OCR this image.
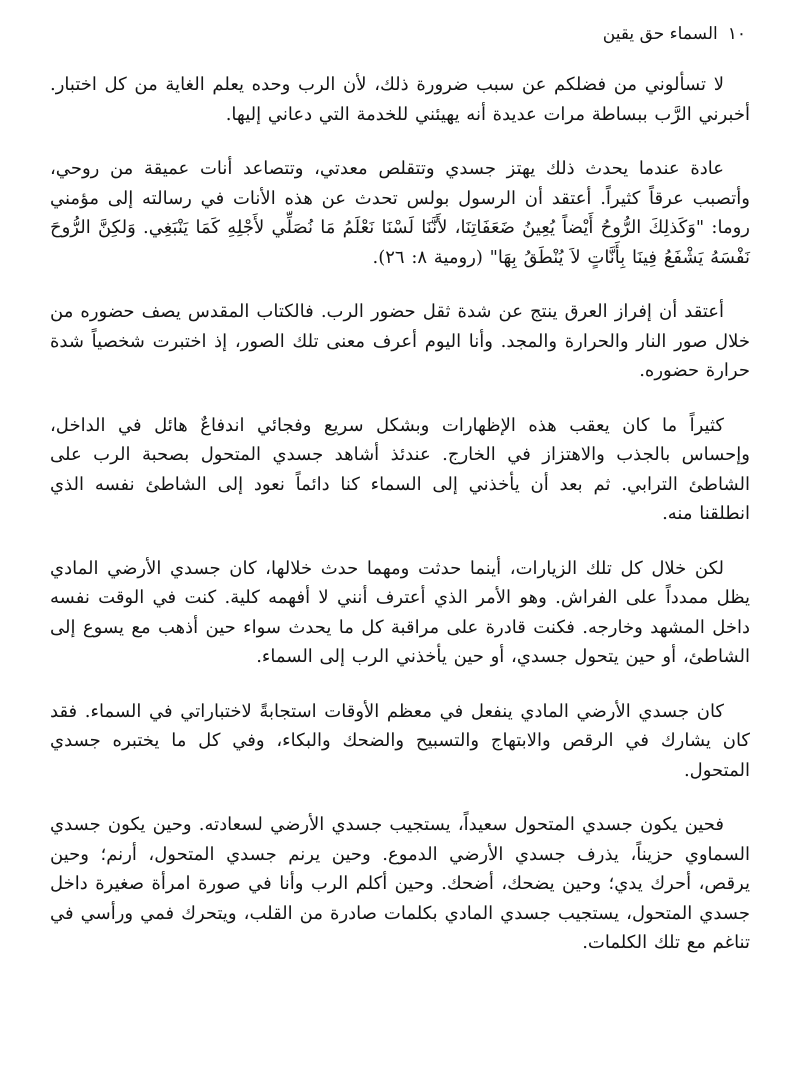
١٠
السماء حق يقين

لا تسألوني من فضلكم عن سبب ضرورة ذلك، لأن الرب وحده يعلم الغاية من كل اختبار. أخبرني الرَّب ببساطة مرات عديدة أنه يهيئني للخدمة التي دعاني إليها.

عادة عندما يحدث ذلك يهتز جسدي وتتقلص معدتي، وتتصاعد أنات عميقة من روحي، وأتصبب عرقاً كثيراً. أعتقد أن الرسول بولس تحدث عن هذه الأنات في رسالته إلى مؤمني روما: "وَكَذلِكَ الرُّوحُ أَيْضاً يُعِينُ ضَعَفَاتِنَا، لأَنَّنَا لَسْنَا نَعْلَمُ مَا نُصَلِّي لأَجْلِهِ كَمَا يَنْبَغِي. وَلكِنَّ الرُّوحَ نَفْسَهُ يَشْفَعُ فِينَا بِأَنَّاتٍ لاَ يُنْطَقُ بِهَا" (رومية ٨: ٢٦).

أعتقد أن إفراز العرق ينتج عن شدة ثقل حضور الرب. فالكتاب المقدس يصف حضوره من خلال صور النار والحرارة والمجد. وأنا اليوم أعرف معنى تلك الصور، إذ اختبرت شخصياً شدة حرارة حضوره.

كثيراً ما كان يعقب هذه الإظهارات وبشكل سريع وفجائي اندفاعٌ هائل في الداخل، وإحساس بالجذب والاهتزاز في الخارج. عندئذ أشاهد جسدي المتحول بصحبة الرب على الشاطئ الترابي. ثم بعد أن يأخذني إلى السماء كنا دائماً نعود إلى الشاطئ نفسه الذي انطلقنا منه.

لكن خلال كل تلك الزيارات، أينما حدثت ومهما حدث خلالها، كان جسدي الأرضي المادي يظل ممدداً على الفراش. وهو الأمر الذي أعترف أنني لا أفهمه كلية. كنت في الوقت نفسه داخل المشهد وخارجه. فكنت قادرة على مراقبة كل ما يحدث سواء حين أذهب مع يسوع إلى الشاطئ، أو حين يتحول جسدي، أو حين يأخذني الرب إلى السماء.

كان جسدي الأرضي المادي ينفعل في معظم الأوقات استجابةً لاختباراتي في السماء. فقد كان يشارك في الرقص والابتهاج والتسبيح والضحك والبكاء، وفي كل ما يختبره جسدي المتحول.

فحين يكون جسدي المتحول سعيداً، يستجيب جسدي الأرضي لسعادته. وحين يكون جسدي السماوي حزيناً، يذرف جسدي الأرضي الدموع. وحين يرنم جسدي المتحول، أرنم؛ وحين يرقص، أحرك يدي؛ وحين يضحك، أضحك. وحين أكلم الرب وأنا في صورة امرأة صغيرة داخل جسدي المتحول، يستجيب جسدي المادي بكلمات صادرة من القلب، ويتحرك فمي ورأسي في تناغم مع تلك الكلمات.
